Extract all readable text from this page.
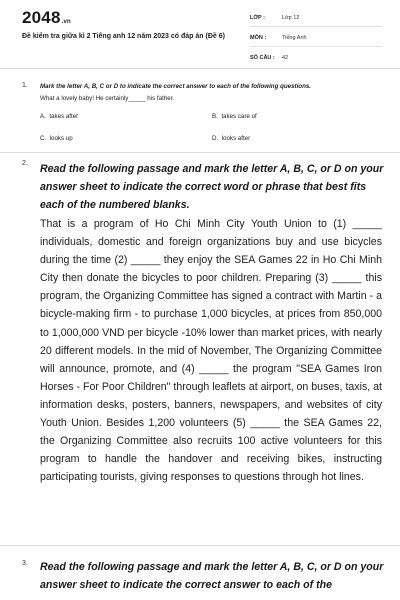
2048.vn
Đề kiểm tra giữa kì 2 Tiếng anh 12 năm 2023 có đáp án (Đề 6)
LỚP :	Lớp 12
MÔN :	Tiếng Anh
SỐ CÂU :	42
1. Mark the letter A, B, C or D to indicate the correct answer to each of the following questions.
What a lovely baby! He certainly_____ his father.
A. takes after	B. takes care of
C. looks up	D. looks after
2. Read the following passage and mark the letter A, B, C, or D on your answer sheet to indicate the correct word or phrase that best fits each of the numbered blanks.
That is a program of Ho Chi Minh City Youth Union to (1) _____ individuals, domestic and foreign organizations buy and use bicycles during the time (2) _____ they enjoy the SEA Games 22 in Ho Chi Minh City then donate the bicycles to poor children. Preparing (3) _____ this program, the Organizing Committee has signed a contract with Martin - a bicycle-making firm - to purchase 1,000 bicycles, at prices from 850,000 to 1,000,000 VND per bicycle -10% lower than market prices, with nearly 20 different models. In the mid of November, The Organizing Committee will announce, promote, and (4) _____ the program "SEA Games Iron Horses - For Poor Children" through leaflets at airport, on buses, taxis, at information desks, posters, banners, newspapers, and websites of city Youth Union. Besides 1,200 volunteers (5) _____ the SEA Games 22, the Organizing Committee also recruits 100 active volunteers for this program to handle the handover and receiving bikes, instructing participating tourists, giving responses to questions through hot lines.
3. Read the following passage and mark the letter A, B, C, or D on your answer sheet to indicate the correct answer to each of the
